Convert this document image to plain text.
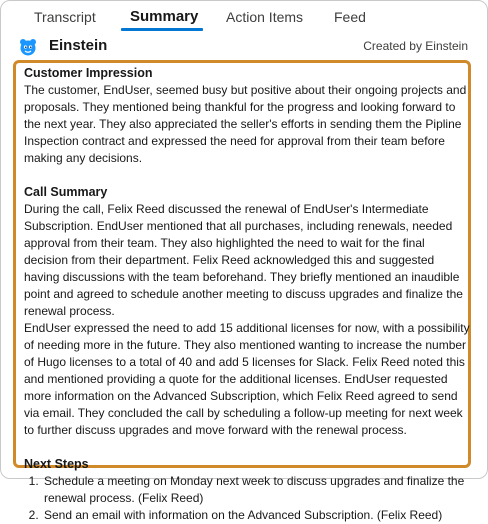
Transcript Summary Action Items Feed
Einstein	Created by Einstein

Customer Impression

The customer, EndUser, seemed busy but positive about their ongoing projects and proposals. They mentioned being thankful for the progress and looking forward to the next year. They also appreciated the seller's efforts in sending them the Pipline Inspection contract and expressed the need for approval from their team before making any decisions.

Call Summary

During the call, Felix Reed discussed the renewal of EndUser's Intermediate Subscription. EndUser mentioned that all purchases, including renewals, needed approval from their team. They also highlighted the need to wait for the final decision from their department. Felix Reed acknowledged this and suggested having discussions with the team beforehand. They briefly mentioned an inaudible point and agreed to schedule another meeting to discuss upgrades and finalize the renewal process.

EndUser expressed the need to add 15 additional licenses for now, with a possibility of needing more in the future. They also mentioned wanting to increase the number of Hugo licenses to a total of 40 and add 5 licenses for Slack. Felix Reed noted this and mentioned providing a quote for the additional licenses. EndUser requested more information on the Advanced Subscription, which Felix Reed agreed to send via email. They concluded the call by scheduling a follow-up meeting for next week to further discuss upgrades and move forward with the renewal process.

Next Steps

1. Schedule a meeting on Monday next week to discuss upgrades and finalize the renewal process. (Felix Reed)
2. Send an email with information on the Advanced Subscription. (Felix Reed)
